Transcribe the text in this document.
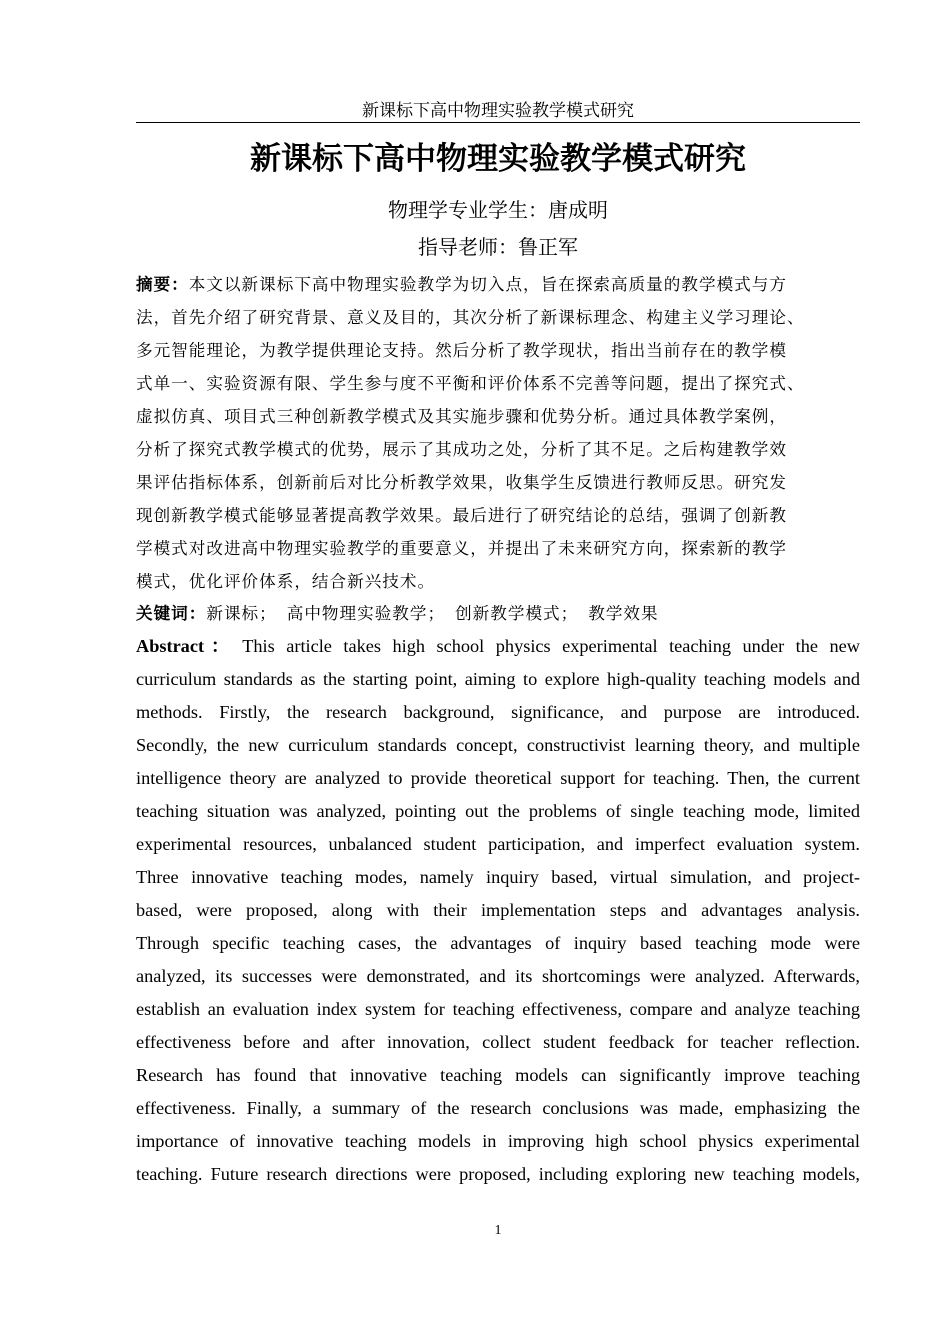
新课标下高中物理实验教学模式研究
新课标下高中物理实验教学模式研究
物理学专业学生：唐成明
指导老师：鲁正军
摘要：本文以新课标下高中物理实验教学为切入点，旨在探索高质量的教学模式与方
法，首先介绍了研究背景、意义及目的，其次分析了新课标理念、构建主义学习理论、
多元智能理论，为教学提供理论支持。然后分析了教学现状，指出当前存在的教学模
式单一、实验资源有限、学生参与度不平衡和评价体系不完善等问题，提出了探究式、
虚拟仿真、项目式三种创新教学模式及其实施步骤和优势分析。通过具体教学案例，
分析了探究式教学模式的优势，展示了其成功之处，分析了其不足。之后构建教学效
果评估指标体系，创新前后对比分析教学效果，收集学生反馈进行教师反思。研究发
现创新教学模式能够显著提高教学效果。最后进行了研究结论的总结，强调了创新教
学模式对改进高中物理实验教学的重要意义，并提出了未来研究方向，探索新的教学
模式，优化评价体系，结合新兴技术。
关键词：新课标； 高中物理实验教学； 创新教学模式； 教学效果
Abstract： This article takes high school physics experimental teaching under the new
curriculum standards as the starting point, aiming to explore high-quality teaching models and
methods. Firstly, the research background, significance, and purpose are introduced.
Secondly, the new curriculum standards concept, constructivist learning theory, and multiple
intelligence theory are analyzed to provide theoretical support for teaching. Then, the current
teaching situation was analyzed, pointing out the problems of single teaching mode, limited
experimental resources, unbalanced student participation, and imperfect evaluation system.
Three innovative teaching modes, namely inquiry based, virtual simulation, and project-
based, were proposed, along with their implementation steps and advantages analysis.
Through specific teaching cases, the advantages of inquiry based teaching mode were
analyzed, its successes were demonstrated, and its shortcomings were analyzed. Afterwards,
establish an evaluation index system for teaching effectiveness, compare and analyze teaching
effectiveness before and after innovation, collect student feedback for teacher reflection.
Research has found that innovative teaching models can significantly improve teaching
effectiveness. Finally, a summary of the research conclusions was made, emphasizing the
importance of innovative teaching models in improving high school physics experimental
teaching. Future research directions were proposed, including exploring new teaching models,
1
